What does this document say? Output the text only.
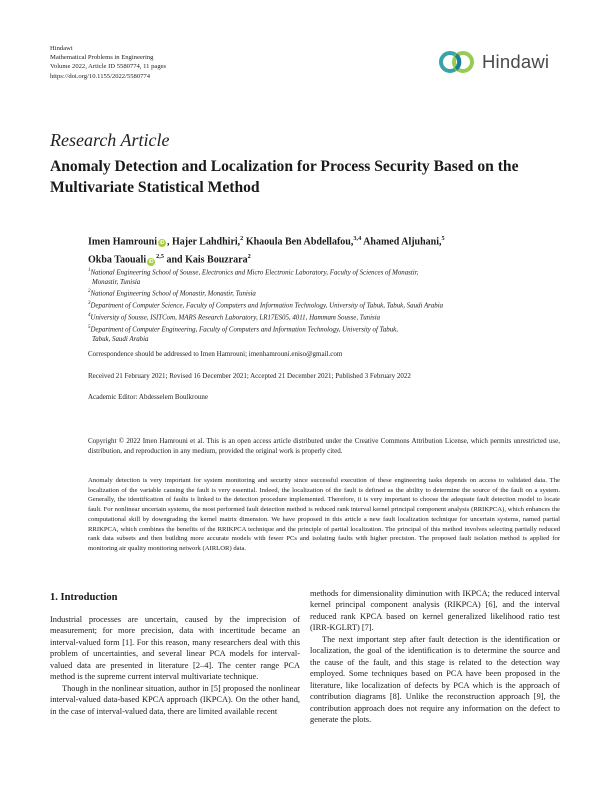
Hindawi
Mathematical Problems in Engineering
Volume 2022, Article ID 5580774, 11 pages
https://doi.org/10.1155/2022/5580774
Hindawi
Research Article
Anomaly Detection and Localization for Process Security Based on the Multivariate Statistical Method
Imen Hamrouni iD , Hajer Lahdhiri,$^2$ Khaoula Ben Abdellafou,$^{3,4}$ Ahamed Aljuhani,$^5$
Okba Taouali iD$^{2,5}$ and Kais Bouzrara$^2$
$^1$National Engineering School of Sousse, Electronics and Micro Electronic Laboratory, Faculty of Sciences of Monastir,
Monastir, Tunisia
$^2$National Engineering School of Monastir, Monastir, Tunisia
$^3$Department of Computer Science, Faculty of Computers and Information Technology, University of Tabuk, Tabuk, Saudi Arabia
$^4$University of Sousse, ISITCom, MARS Research Laboratory, LR17ES05, 4011, Hammam Sousse, Tunisia
$^5$Department of Computer Engineering, Faculty of Computers and Information Technology, University of Tabuk,
Tabuk, Saudi Arabia
Correspondence should be addressed to Imen Hamrouni; imenhamrouni.eniso@gmail.com
Received 21 February 2021; Revised 16 December 2021; Accepted 21 December 2021; Published 3 February 2022
Academic Editor: Abdesselem Boulkroune
Copyright © 2022 Imen Hamrouni et al. This is an open access article distributed under the Creative Commons Attribution License, which permits unrestricted use, distribution, and reproduction in any medium, provided the original work is properly cited.
Anomaly detection is very important for system monitoring and security since successful execution of these engineering tasks depends on access to validated data. The localization of the variable causing the fault is very essential. Indeed, the localization of the fault is defined as the ability to determine the source of the fault on a system. Generally, the identification of faults is linked to the detection procedure implemented. Therefore, it is very important to choose the adequate fault detection model to locate fault. For nonlinear uncertain systems, the most performed fault detection method is reduced rank interval kernel principal component analysis (RRIKPCA), which enhances the computational skill by downgrading the kernel matrix dimension. We have proposed in this article a new fault localization technique for uncertain systems, named partial RRIKPCA, which combines the benefits of the RRIKPCA technique and the principle of partial localization. The principal of this method involves selecting partially reduced rank data subsets and then building more accurate models with fewer PCs and isolating faults with higher precision. The proposed fault isolation method is applied for monitoring air quality monitoring network (AIRLOR) data.
1. Introduction

Industrial processes are uncertain, caused by the imprecision of measurement; for more precision, data with incertitude became an interval-valued form [1]. For this reason, many researchers deal with this problem of uncertainties, and several linear PCA models for interval-valued data are presented in literature [2–4]. The center range PCA method is the supreme current interval multivariate technique.

Though in the nonlinear situation, author in [5] proposed the nonlinear interval-valued data-based KPCA approach (IKPCA). On the other hand, in the case of interval-valued data, there are limited available recent

methods for dimensionality diminution with IKPCA; the reduced interval kernel principal component analysis (RIKPCA) [6], and the interval reduced rank KPCA based on kernel generalized likelihood ratio test (IRR-KGLRT) [7].

The next important step after fault detection is the identification or localization, the goal of the identification is to determine the source and the cause of the fault, and this stage is related to the detection way employed. Some techniques based on PCA have been proposed in the literature, like localization of defects by PCA which is the approach of contribution diagrams [8]. Unlike the reconstruction approach [9], the contribution approach does not require any information on the defect to generate the plots.
